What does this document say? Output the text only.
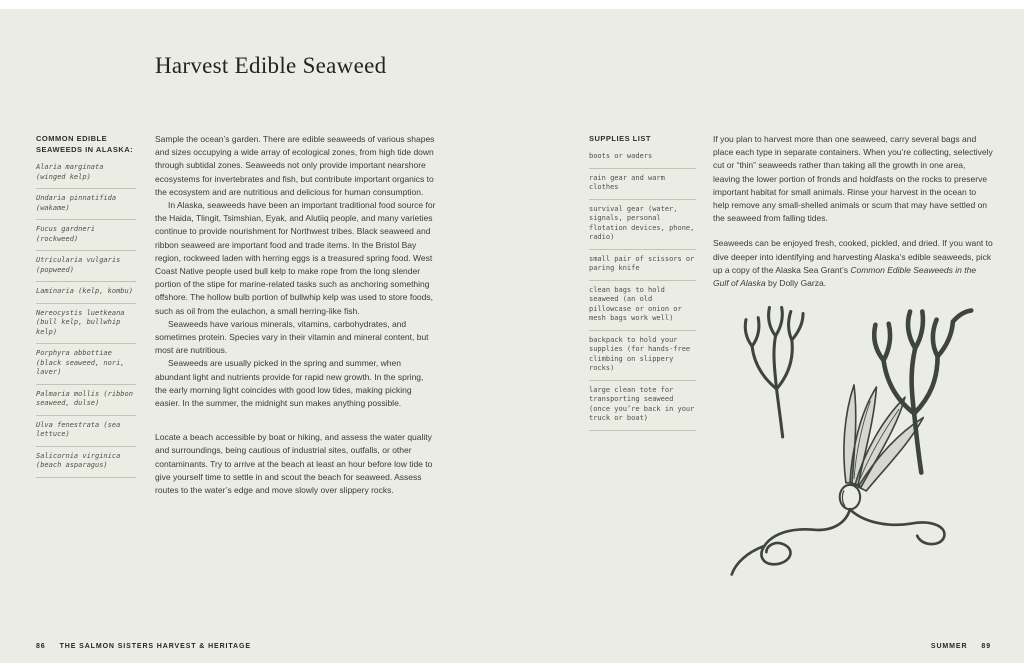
Harvest Edible Seaweed
COMMON EDIBLE SEAWEEDS IN ALASKA:
Alaria marginata (winged kelp)
Undaria pinnatifida (wakame)
Fucus gardneri (rockweed)
Utricularia vulgaris (popweed)
Laminaria (kelp, kombu)
Nereocystis luetkeana (bull kelp, bullwhip kelp)
Porphyra abbottiae (black seaweed, nori, laver)
Palmaria mollis (ribbon seaweed, dulse)
Ulva fenestrata (sea lettuce)
Salicornia virginica (beach asparagus)

Sample the ocean’s garden. There are edible seaweeds of various shapes and sizes occupying a wide array of ecological zones, from high tide down through subtidal zones. Seaweeds not only provide important nearshore ecosystems for invertebrates and fish, but contribute important organics to the ecosystem and are nutritious and delicious for human consumption.

In Alaska, seaweeds have been an important traditional food source for the Haida, Tlingit, Tsimshian, Eyak, and Alutiiq people, and many varieties continue to provide nourishment for Northwest tribes. Black seaweed and ribbon seaweed are important food and trade items. In the Bristol Bay region, rockweed laden with herring eggs is a treasured spring food. West Coast Native people used bull kelp to make rope from the long slender portion of the stipe for marine-related tasks such as anchoring something offshore. The hollow bulb portion of bullwhip kelp was used to store foods, such as oil from the eulachon, a small herring-like fish.

Seaweeds have various minerals, vitamins, carbohydrates, and sometimes protein. Species vary in their vitamin and mineral content, but most are nutritious.

Seaweeds are usually picked in the spring and summer, when abundant light and nutrients provide for rapid new growth. In the spring, the early morning light coincides with good low tides, making picking easier. In the summer, the midnight sun makes anything possible.

Locate a beach accessible by boat or hiking, and assess the water quality and surroundings, being cautious of industrial sites, outfalls, or other contaminants. Try to arrive at the beach at least an hour before low tide to give yourself time to settle in and scout the beach for seaweed. Assess routes to the water’s edge and move slowly over slippery rocks.

SUPPLIES LIST
boots or waders
rain gear and warm clothes
survival gear (water, signals, personal flotation devices, phone, radio)
small pair of scissors or paring knife
clean bags to hold seaweed (an old pillowcase or onion or mesh bags work well)
backpack to hold your supplies (for hands-free climbing on slippery rocks)
large clean tote for transporting seaweed (once you’re back in your truck or boat)

If you plan to harvest more than one seaweed, carry several bags and place each type in separate containers. When you’re collecting, selectively cut or “thin” seaweeds rather than taking all the growth in one area, leaving the lower portion of fronds and holdfasts on the rocks to preserve important habitat for small animals. Rinse your harvest in the ocean to help remove any small-shelled animals or scum that may have settled on the seaweed from falling tides.

Seaweeds can be enjoyed fresh, cooked, pickled, and dried. If you want to dive deeper into identifying and harvesting Alaska’s edible seaweeds, pick up a copy of the Alaska Sea Grant’s Common Edible Seaweeds in the Gulf of Alaska by Dolly Garza.

86 THE SALMON SISTERS HARVEST & HERITAGE	SUMMER 89
